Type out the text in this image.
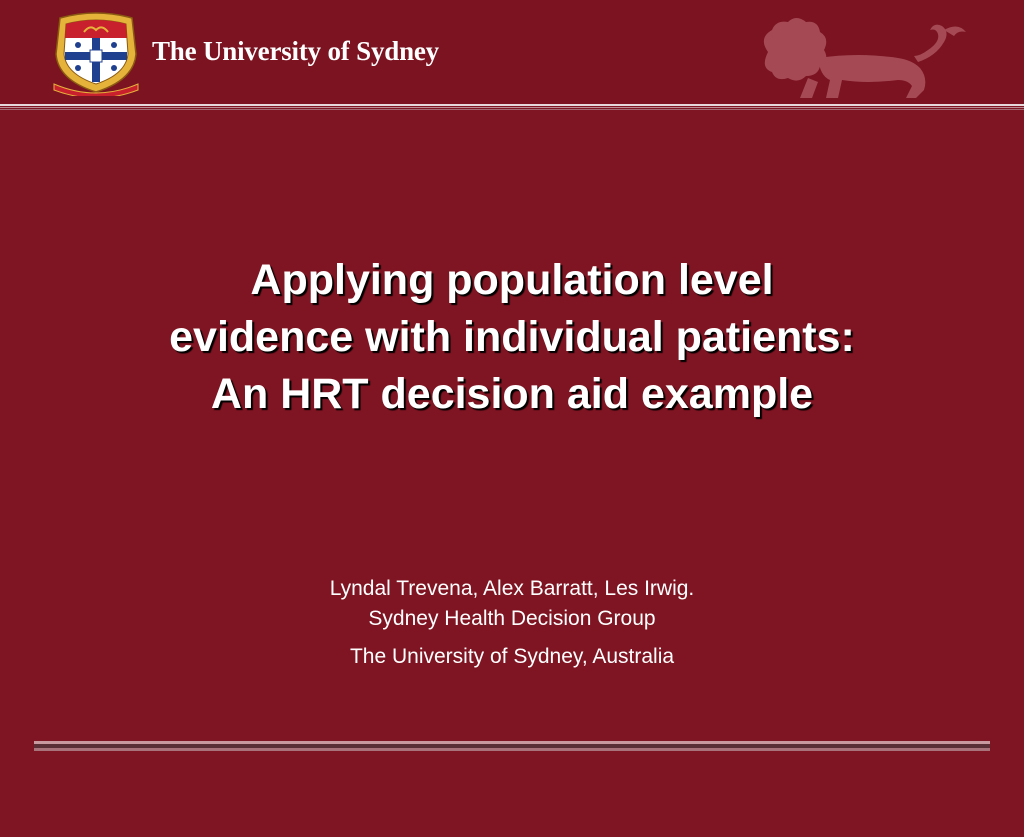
The University of Sydney
Applying population level
evidence with individual patients:
An HRT decision aid example
Lyndal Trevena, Alex Barratt, Les Irwig.
Sydney Health Decision Group
The University of Sydney, Australia
